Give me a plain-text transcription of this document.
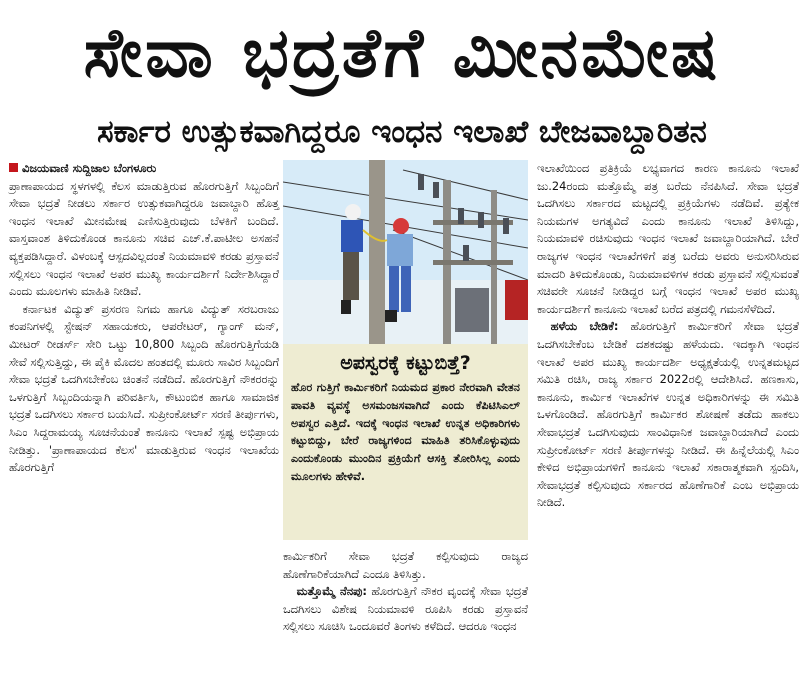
ಸೇವಾ ಭದ್ರತೆಗೆ ಮೀನಮೇಷ
ಸರ್ಕಾರ ಉತ್ಸುಕವಾಗಿದ್ದರೂ ಇಂಧನ ಇಲಾಖೆ ಬೇಜವಾಬ್ದಾರಿತನ

ವಿಜಯವಾಣಿ ಸುದ್ದಿಜಾಲ ಬೆಂಗಳೂರು

ಪ್ರಾಣಾಪಾಯದ ಸ್ಥಳಗಳಲ್ಲಿ ಕೆಲಸ ಮಾಡುತ್ತಿರುವ ಹೊರಗುತ್ತಿಗೆ ಸಿಬ್ಬಂದಿಗೆ ಸೇವಾ ಭದ್ರತೆ ನೀಡಲು ಸರ್ಕಾರ ಉತ್ಸುಕವಾಗಿದ್ದರೂ ಜವಾಬ್ದಾರಿ ಹೊತ್ತ ಇಂಧನ ಇಲಾಖೆ ಮೀನಮೇಷ ಎಣಿಸುತ್ತಿರುವುದು ಬೆಳಕಿಗೆ ಬಂದಿದೆ. ವಾಸ್ತವಾಂಶ ತಿಳಿದುಕೊಂಡ ಕಾನೂನು ಸಚಿವ ಎಚ್.ಕೆ.ಪಾಟೀಲ ಅಸಹನೆ ವ್ಯಕ್ತಪಡಿಸಿದ್ದಾರೆ. ವಿಳಂಬಕ್ಕೆ ಆಸ್ಪದವಿಲ್ಲದಂತೆ ನಿಯಮಾವಳಿ ಕರಡು ಪ್ರಸ್ತಾವನೆ ಸಲ್ಲಿಸಲು ಇಂಧನ ಇಲಾಖೆ ಅಪರ ಮುಖ್ಯ ಕಾರ್ಯದರ್ಶಿಗೆ ನಿರ್ದೇಶಿಸಿದ್ದಾರೆ ಎಂದು ಮೂಲಗಳು ಮಾಹಿತಿ ನೀಡಿವೆ.

ಕರ್ನಾಟಕ ವಿದ್ಯುತ್ ಪ್ರಸರಣ ನಿಗಮ ಹಾಗೂ ವಿದ್ಯುತ್ ಸರಬರಾಜು ಕಂಪನಿಗಳಲ್ಲಿ ಸ್ಟೇಷನ್ ಸಹಾಯಕರು, ಆಪರೇಟರ್, ಗ್ಯಾಂಗ್ ಮನ್, ಮೀಟರ್ ರೀಡರ್ಸ್ ಸೇರಿ ಒಟ್ಟು 10,800 ಸಿಬ್ಬಂದಿ ಹೊರಗುತ್ತಿಗೆಯಡಿ ಸೇವೆ ಸಲ್ಲಿಸುತ್ತಿದ್ದು, ಈ ಪೈಕಿ ಮೊದಲ ಹಂತದಲ್ಲಿ ಮೂರು ಸಾವಿರ ಸಿಬ್ಬಂದಿಗೆ ಸೇವಾ ಭದ್ರತೆ ಒದಗಿಸಬೇಕೆಂಬ ಚಿಂತನೆ ನಡೆದಿದೆ. ಹೊರಗುತ್ತಿಗೆ ನೌಕರರನ್ನು ಒಳಗುತ್ತಿಗೆ ಸಿಬ್ಬಂದಿಯನ್ನಾಗಿ ಪರಿವರ್ತಿಸಿ, ಕೌಟುಂಬಿಕ ಹಾಗೂ ಸಾಮಾಜಿಕ ಭದ್ರತೆ ಒದಗಿಸಲು ಸರ್ಕಾರ ಬಯಸಿದೆ. ಸುಪ್ರೀಂಕೋರ್ಟ್ ಸರಣಿ ತೀರ್ಪುಗಳು, ಸಿಎಂ ಸಿದ್ದರಾಮಯ್ಯ ಸೂಚನೆಯಂತೆ ಕಾನೂನು ಇಲಾಖೆ ಸ್ಪಷ್ಟ ಅಭಿಪ್ರಾಯ ನೀಡಿತ್ತು. 'ಪ್ರಾಣಾಪಾಯದ ಕೆಲಸ' ಮಾಡುತ್ತಿರುವ ಇಂಧನ ಇಲಾಖೆಯ ಹೊರಗುತ್ತಿಗೆ

ಅಪಸ್ವರಕ್ಕೆ ಕಟ್ಟುಬಿತ್ತೆ?
ಹೊರ ಗುತ್ತಿಗೆ ಕಾರ್ಮಿಕರಿಗೆ ನಿಯಮದ ಪ್ರಕಾರ ನೇರವಾಗಿ ವೇತನ ಪಾವತಿ ವ್ಯವಸ್ಥೆ ಅಸಮಂಜಸವಾಗಿದೆ ಎಂದು ಕೆಪಿಟಿಸಿಎಲ್ ಅಪಸ್ವರ ಎತ್ತಿದೆ. ಇದಕ್ಕೆ ಇಂಧನ ಇಲಾಖೆ ಉನ್ನತ ಅಧಿಕಾರಿಗಳು ಕಟ್ಟುಬಿದ್ದು, ಬೇರೆ ರಾಜ್ಯಗಳಿಂದ ಮಾಹಿತಿ ತರಿಸಿಕೊಳ್ಳುವುದು ಎಂದುಕೊಂಡು ಮುಂದಿನ ಪ್ರಕ್ರಿಯೆಗೆ ಆಸಕ್ತಿ ತೋರಿಸಿಲ್ಲ ಎಂದು ಮೂಲಗಳು ಹೇಳಿವೆ.

ಕಾರ್ಮಿಕರಿಗೆ ಸೇವಾ ಭದ್ರತೆ ಕಲ್ಪಿಸುವುದು ರಾಜ್ಯದ ಹೊಣೆಗಾರಿಕೆಯಾಗಿದೆ ಎಂದೂ ತಿಳಿಸಿತ್ತು.

ಮತ್ತೊಮ್ಮೆ ನೆನಪು: ಹೊರಗುತ್ತಿಗೆ ನೌಕರ ವೃಂದಕ್ಕೆ ಸೇವಾ ಭದ್ರತೆ ಒದಗಿಸಲು ವಿಶೇಷ ನಿಯಮಾವಳಿ ರೂಪಿಸಿ ಕರಡು ಪ್ರಸ್ತಾವನೆ ಸಲ್ಲಿಸಲು ಸೂಚಿಸಿ ಒಂದೂವರೆ ತಿಂಗಳು ಕಳೆದಿದೆ. ಆದರೂ ಇಂಧನ

ಇಲಾಖೆಯಿಂದ ಪ್ರತಿಕ್ರಿಯೆ ಲಭ್ಯವಾಗದ ಕಾರಣ ಕಾನೂನು ಇಲಾಖೆ ಜು.24ರಂದು ಮತ್ತೊಮ್ಮೆ ಪತ್ರ ಬರೆದು ನೆನಪಿಸಿದೆ. ಸೇವಾ ಭದ್ರತೆ ಒದಗಿಸಲು ಸರ್ಕಾರದ ಮಟ್ಟದಲ್ಲಿ ಪ್ರಕ್ರಿಯೆಗಳು ನಡೆದಿವೆ. ಪ್ರತ್ಯೇಕ ನಿಯಮಗಳ ಅಗತ್ಯವಿದೆ ಎಂದು ಕಾನೂನು ಇಲಾಖೆ ತಿಳಿಸಿದ್ದು, ನಿಯಮಾವಳಿ ರಚಿಸುವುದು ಇಂಧನ ಇಲಾಖೆ ಜವಾಬ್ದಾರಿಯಾಗಿದೆ. ಬೇರೆ ರಾಜ್ಯಗಳ ಇಂಧನ ಇಲಾಖೆಗಳಿಗೆ ಪತ್ರ ಬರೆದು ಅವರು ಅನುಸರಿಸಿರುವ ಮಾದರಿ ತಿಳಿದುಕೊಂಡು, ನಿಯಮಾವಳಿಗಳ ಕರಡು ಪ್ರಸ್ತಾವನೆ ಸಲ್ಲಿಸುವಂತೆ ಸಚಿವರೇ ಸೂಚನೆ ನೀಡಿದ್ದರ ಬಗ್ಗೆ ಇಂಧನ ಇಲಾಖೆ ಅಪರ ಮುಖ್ಯ ಕಾರ್ಯದರ್ಶಿಗೆ ಕಾನೂನು ಇಲಾಖೆ ಬರೆದ ಪತ್ರದಲ್ಲಿ ಗಮನಸೆಳೆದಿದೆ.

ಹಳೆಯ ಬೇಡಿಕೆ: ಹೊರಗುತ್ತಿಗೆ ಕಾರ್ಮಿಕರಿಗೆ ಸೇವಾ ಭದ್ರತೆ ಒದಗಿಸಬೇಕೆಂಬ ಬೇಡಿಕೆ ದಶಕದಷ್ಟು ಹಳೆಯದು. ಇದಕ್ಕಾಗಿ ಇಂಧನ ಇಲಾಖೆ ಅಪರ ಮುಖ್ಯ ಕಾರ್ಯದರ್ಶಿ ಅಧ್ಯಕ್ಷತೆಯಲ್ಲಿ ಉನ್ನತಮಟ್ಟದ ಸಮಿತಿ ರಚಿಸಿ, ರಾಜ್ಯ ಸರ್ಕಾರ 2022ರಲ್ಲಿ ಆದೇಶಿಸಿದೆ. ಹಣಕಾಸು, ಕಾನೂನು, ಕಾರ್ಮಿಕ ಇಲಾಖೆಗಳ ಉನ್ನತ ಅಧಿಕಾರಿಗಳನ್ನು ಈ ಸಮಿತಿ ಒಳಗೊಂಡಿದೆ. ಹೊರಗುತ್ತಿಗೆ ಕಾರ್ಮಿಕರ ಶೋಷಣೆ ತಡೆದು ಹಾಕಲು ಸೇವಾಭದ್ರತೆ ಒದಗಿಸುವುದು ಸಾಂವಿಧಾನಿಕ ಜವಾಬ್ದಾರಿಯಾಗಿದೆ ಎಂದು ಸುಪ್ರೀಂಕೋರ್ಟ್ ಸರಣಿ ತೀರ್ಪುಗಳನ್ನು ನೀಡಿದೆ. ಈ ಹಿನ್ನೆಲೆಯಲ್ಲಿ ಸಿಎಂ ಕೇಳಿದ ಅಭಿಪ್ರಾಯಗಳಿಗೆ ಕಾನೂನು ಇಲಾಖೆ ಸಕಾರಾತ್ಮಕವಾಗಿ ಸ್ಪಂದಿಸಿ, ಸೇವಾಭದ್ರತೆ ಕಲ್ಪಿಸುವುದು ಸರ್ಕಾರದ ಹೊಣೆಗಾರಿಕೆ ಎಂಬ ಅಭಿಪ್ರಾಯ ನೀಡಿದೆ.
